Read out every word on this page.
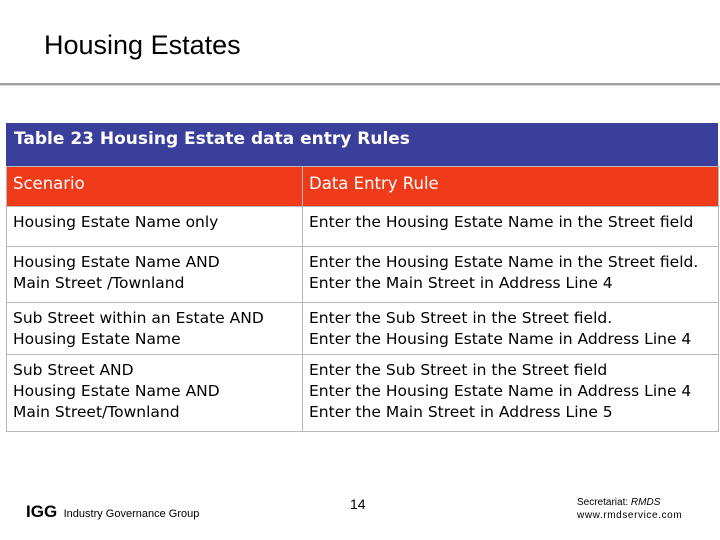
Housing Estates
Table 23 Housing Estate data entry Rules
Scenario	Data Entry Rule

Housing Estate Name only	Enter the Housing Estate Name in the Street field

Housing Estate Name AND
Main Street /Townland	Enter the Housing Estate Name in the Street field.
Enter the Main Street in Address Line 4

Sub Street within an Estate AND
Housing Estate Name	Enter the Sub Street in the Street field.
Enter the Housing Estate Name in Address Line 4

Sub Street AND
Housing Estate Name AND
Main Street/Townland	Enter the Sub Street in the Street field
Enter the Housing Estate Name in Address Line 4
Enter the Main Street in Address Line 5
IGG Industry Governance Group
14	Secretariat: RMDS
www.rmdservice.com
